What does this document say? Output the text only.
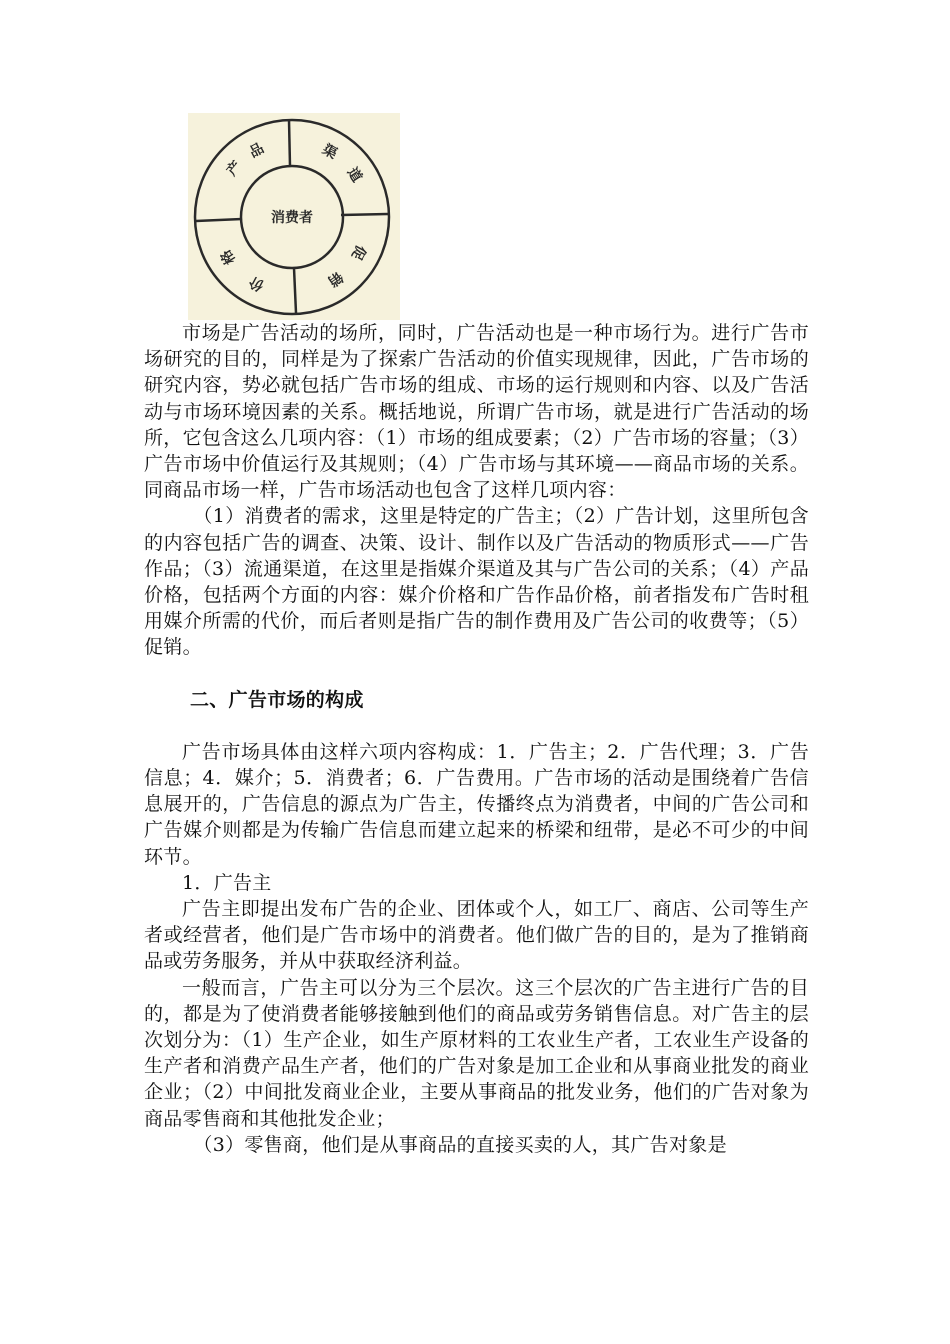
消费者
产
品	渠
道
促
销
价
格

市场是广告活动的场所，同时，广告活动也是一种市场行为。进行广告市场研究的目的，同样是为了探索广告活动的价值实现规律，因此，广告市场的研究内容，势必就包括广告市场的组成、市场的运行规则和内容、以及广告活动与市场环境因素的关系。概括地说，所谓广告市场，就是进行广告活动的场所，它包含这么几项内容：（1）市场的组成要素；（2）广告市场的容量；（3）广告市场中价值运行及其规则；（4）广告市场与其环境——商品市场的关系。同商品市场一样，广告市场活动也包含了这样几项内容：

（1）消费者的需求，这里是特定的广告主；（2）广告计划，这里所包含的内容包括广告的调查、决策、设计、制作以及广告活动的物质形式——广告作品；（3）流通渠道，在这里是指媒介渠道及其与广告公司的关系；（4）产品价格，包括两个方面的内容：媒介价格和广告作品价格，前者指发布广告时租用媒介所需的代价，而后者则是指广告的制作费用及广告公司的收费等；（5）促销。

二、广告市场的构成

广告市场具体由这样六项内容构成：1．广告主；2．广告代理；3．广告信息；4．媒介；5．消费者；6．广告费用。广告市场的活动是围绕着广告信息展开的，广告信息的源点为广告主，传播终点为消费者，中间的广告公司和广告媒介则都是为传输广告信息而建立起来的桥梁和纽带，是必不可少的中间环节。

1．广告主

广告主即提出发布广告的企业、团体或个人，如工厂、商店、公司等生产者或经营者，他们是广告市场中的消费者。他们做广告的目的，是为了推销商品或劳务服务，并从中获取经济利益。

一般而言，广告主可以分为三个层次。这三个层次的广告主进行广告的目的，都是为了使消费者能够接触到他们的商品或劳务销售信息。对广告主的层次划分为：（1）生产企业，如生产原材料的工农业生产者，工农业生产设备的生产者和消费产品生产者，他们的广告对象是加工企业和从事商业批发的商业企业；（2）中间批发商业企业，主要从事商品的批发业务，他们的广告对象为商品零售商和其他批发企业；

（3）零售商，他们是从事商品的直接买卖的人，其广告对象是
